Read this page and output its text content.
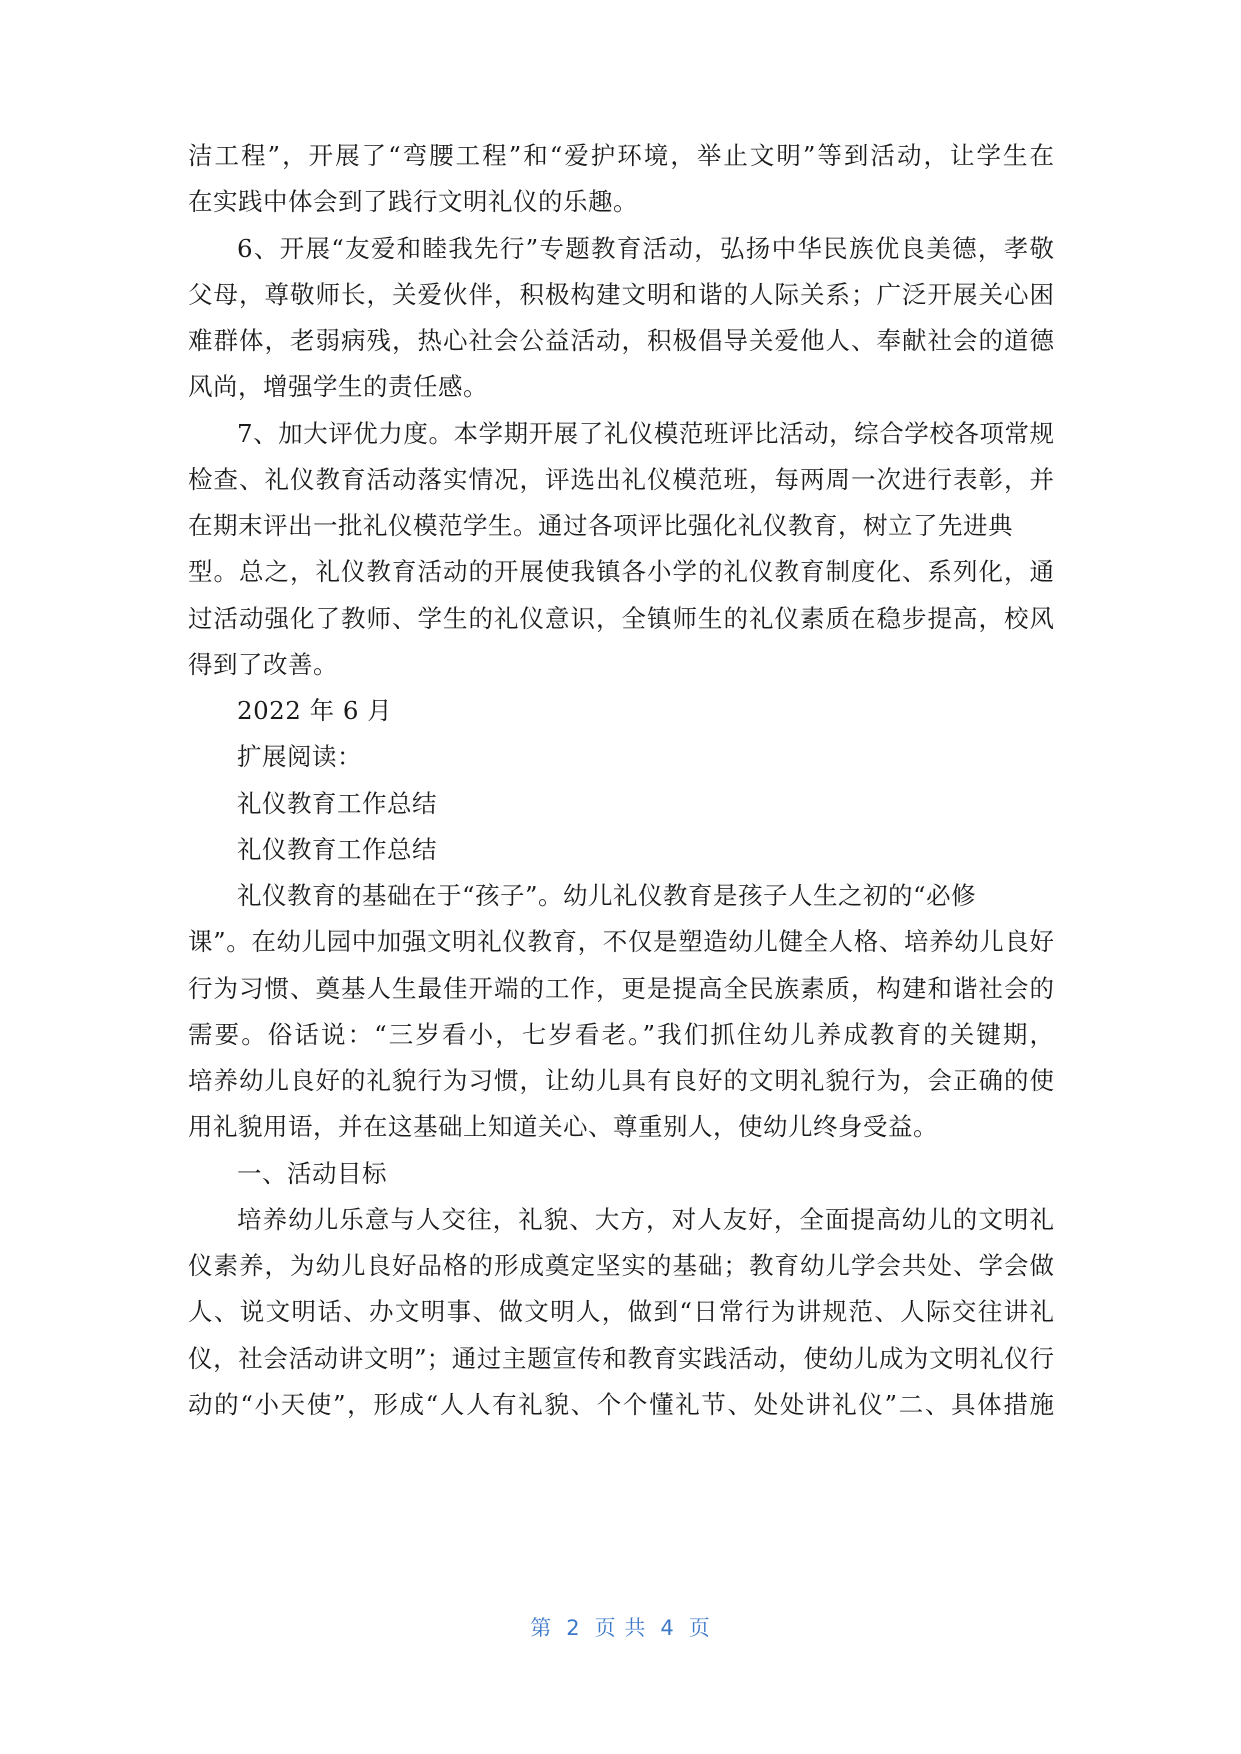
洁工程”，开展了“弯腰工程”和“爱护环境，举止文明”等到活动，让学生在
在实践中体会到了践行文明礼仪的乐趣。
6、开展“友爱和睦我先行”专题教育活动，弘扬中华民族优良美德，孝敬
父母，尊敬师长，关爱伙伴，积极构建文明和谐的人际关系；广泛开展关心困
难群体，老弱病残，热心社会公益活动，积极倡导关爱他人、奉献社会的道德
风尚，增强学生的责任感。
7、加大评优力度。本学期开展了礼仪模范班评比活动，综合学校各项常规
检查、礼仪教育活动落实情况，评选出礼仪模范班，每两周一次进行表彰，并
在期末评出一批礼仪模范学生。通过各项评比强化礼仪教育，树立了先进典
型。总之，礼仪教育活动的开展使我镇各小学的礼仪教育制度化、系列化，通
过活动强化了教师、学生的礼仪意识，全镇师生的礼仪素质在稳步提高，校风
得到了改善。
2022 年 6 月
扩展阅读：
礼仪教育工作总结
礼仪教育工作总结
礼仪教育的基础在于“孩子”。幼儿礼仪教育是孩子人生之初的“必修
课”。在幼儿园中加强文明礼仪教育，不仅是塑造幼儿健全人格、培养幼儿良好
行为习惯、奠基人生最佳开端的工作，更是提高全民族素质，构建和谐社会的
需要。俗话说：“三岁看小，七岁看老。”我们抓住幼儿养成教育的关键期，
培养幼儿良好的礼貌行为习惯，让幼儿具有良好的文明礼貌行为，会正确的使
用礼貌用语，并在这基础上知道关心、尊重别人，使幼儿终身受益。
一、活动目标
培养幼儿乐意与人交往，礼貌、大方，对人友好，全面提高幼儿的文明礼
仪素养，为幼儿良好品格的形成奠定坚实的基础；教育幼儿学会共处、学会做
人、说文明话、办文明事、做文明人，做到“日常行为讲规范、人际交往讲礼
仪，社会活动讲文明”；通过主题宣传和教育实践活动，使幼儿成为文明礼仪行
动的“小天使”，形成“人人有礼貌、个个懂礼节、处处讲礼仪”二、具体措施
第 2 页 共 4 页
